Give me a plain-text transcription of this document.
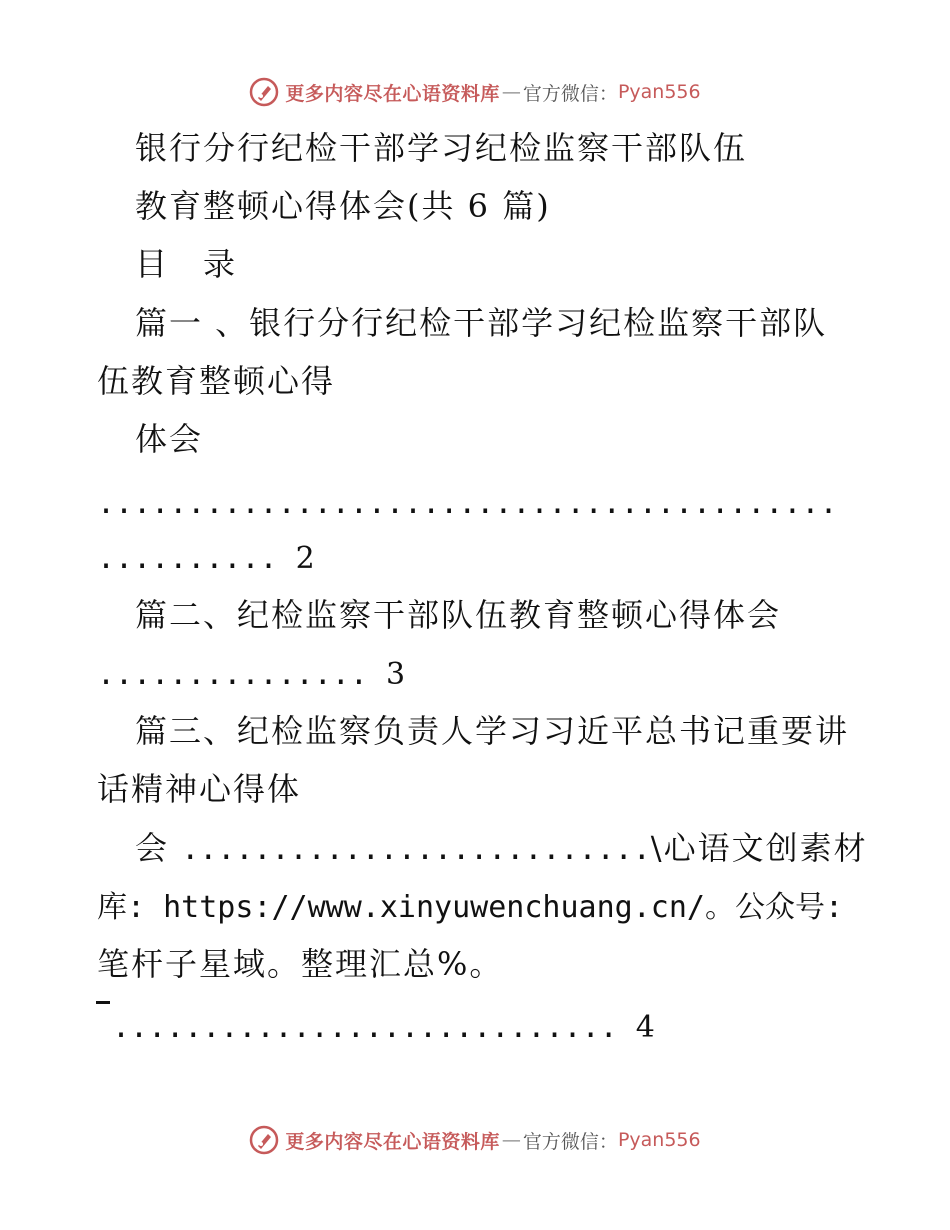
更多内容尽在心语资料库 — 官方微信： Pyan556
银行分行纪检干部学习纪检监察干部队伍
教育整顿心得体会(共 6 篇)
目　录
篇一 、银行分行纪检干部学习纪检监察干部队
伍教育整顿心得
体会
.........................................
.......... 2
篇二、纪检监察干部队伍教育整顿心得体会
............... 3
篇三、纪检监察负责人学习习近平总书记重要讲
话精神心得体
会 ..........................\心语文创素材
库: https://www.xinyuwenchuang.cn/。公众号:
笔杆子星域。整理汇总%。
............................ 4
更多内容尽在心语资料库 — 官方微信： Pyan556
